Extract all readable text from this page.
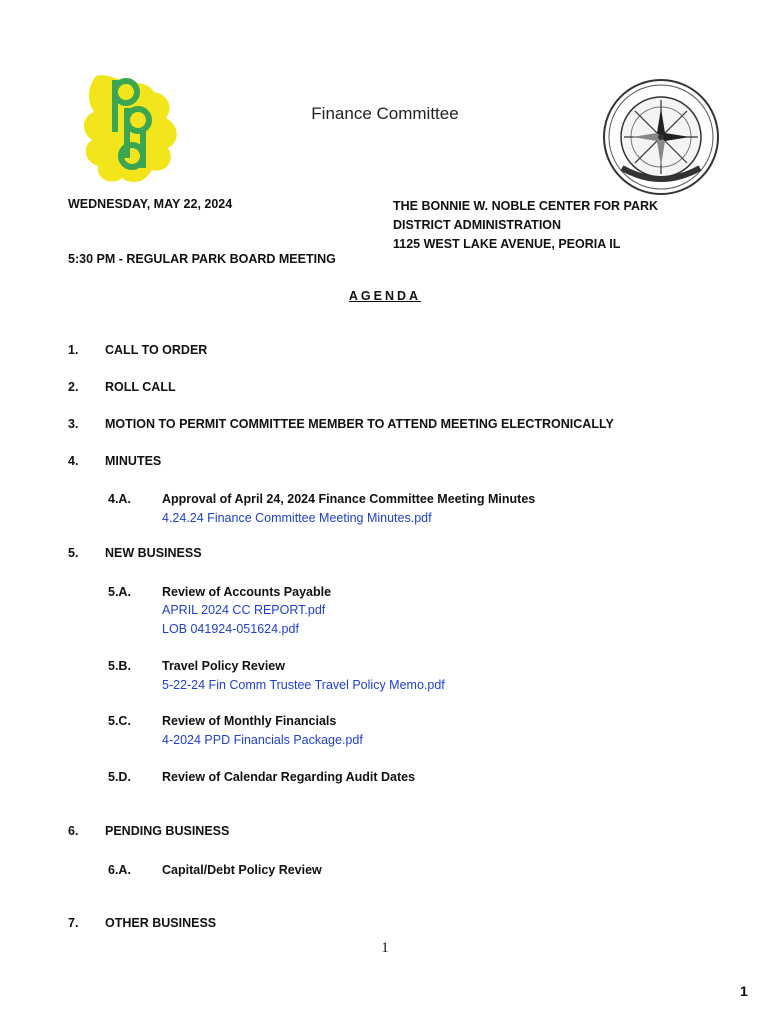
Finance Committee
WEDNESDAY, MAY 22, 2024	THE BONNIE W. NOBLE CENTER FOR PARK
DISTRICT ADMINISTRATION
1125 WEST LAKE AVENUE, PEORIA IL
5:30 PM - REGULAR PARK BOARD MEETING
AGENDA
1. CALL TO ORDER
2. ROLL CALL
3. MOTION TO PERMIT COMMITTEE MEMBER TO ATTEND MEETING ELECTRONICALLY
4. MINUTES
4.A. Approval of April 24, 2024 Finance Committee Meeting Minutes
4.24.24 Finance Committee Meeting Minutes.pdf
5. NEW BUSINESS
5.A. Review of Accounts Payable
APRIL 2024 CC REPORT.pdf
LOB 041924-051624.pdf
5.B. Travel Policy Review
5-22-24 Fin Comm Trustee Travel Policy Memo.pdf
5.C. Review of Monthly Financials
4-2024 PPD Financials Package.pdf
5.D. Review of Calendar Regarding Audit Dates
6. PENDING BUSINESS
6.A. Capital/Debt Policy Review
7. OTHER BUSINESS
1
1
